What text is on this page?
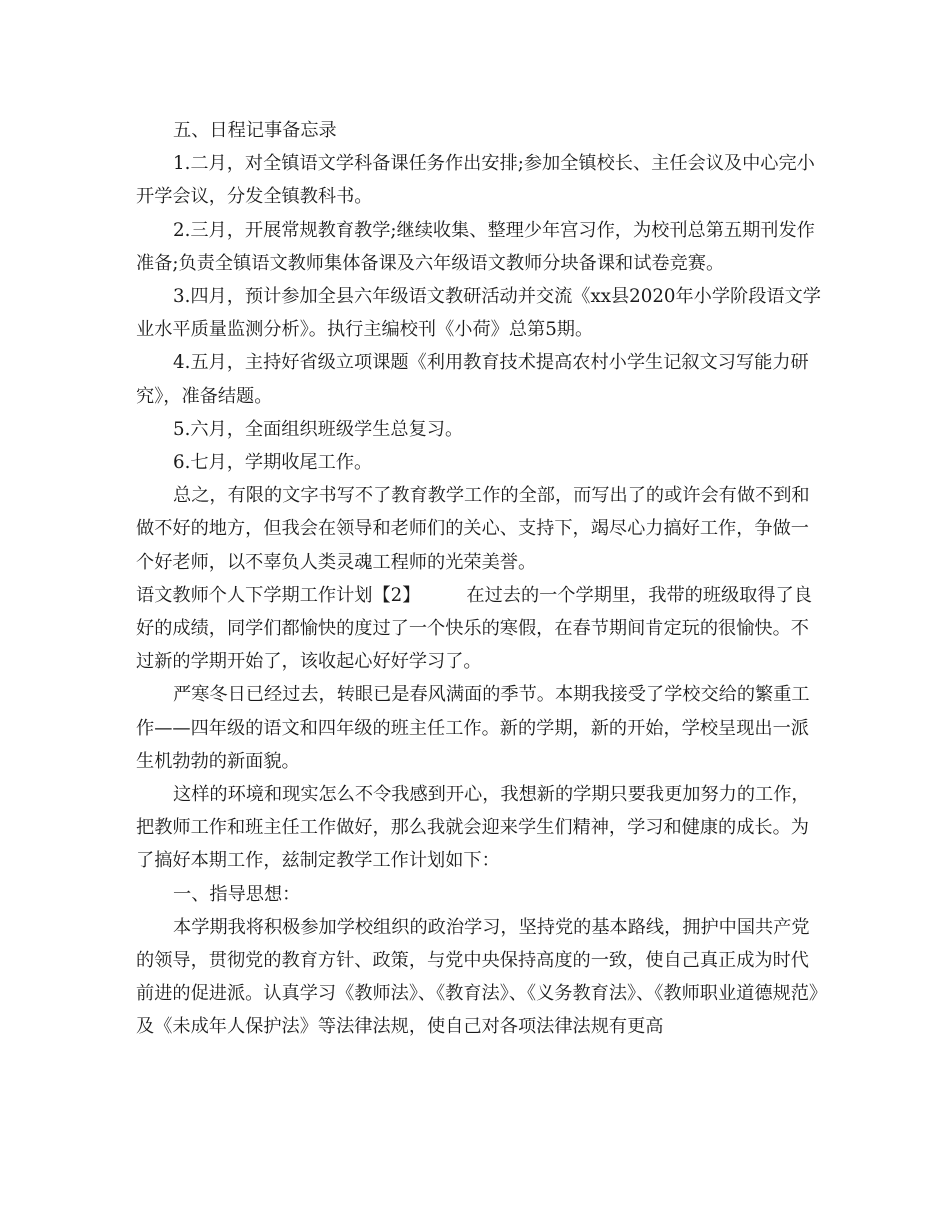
五、日程记事备忘录

1.二月，对全镇语文学科备课任务作出安排;参加全镇校长、主任会议及中心完小开学会议，分发全镇教科书。

2.三月，开展常规教育教学;继续收集、整理少年宫习作，为校刊总第五期刊发作准备;负责全镇语文教师集体备课及六年级语文教师分块备课和试卷竞赛。

3.四月，预计参加全县六年级语文教研活动并交流《xx县2020年小学阶段语文学业水平质量监测分析》。执行主编校刊《小荷》总第5期。

4.五月，主持好省级立项课题《利用教育技术提高农村小学生记叙文习写能力研究》，准备结题。

5.六月，全面组织班级学生总复习。

6.七月，学期收尾工作。

总之，有限的文字书写不了教育教学工作的全部，而写出了的或许会有做不到和做不好的地方，但我会在领导和老师们的关心、支持下，竭尽心力搞好工作，争做一个好老师，以不辜负人类灵魂工程师的光荣美誉。

语文教师个人下学期工作计划【2】	在过去的一个学期里，我带的班级取得了良好的成绩，同学们都愉快的度过了一个快乐的寒假，在春节期间肯定玩的很愉快。不过新的学期开始了，该收起心好好学习了。

严寒冬日已经过去，转眼已是春风满面的季节。本期我接受了学校交给的繁重工作——四年级的语文和四年级的班主任工作。新的学期，新的开始，学校呈现出一派生机勃勃的新面貌。

这样的环境和现实怎么不令我感到开心，我想新的学期只要我更加努力的工作，把教师工作和班主任工作做好，那么我就会迎来学生们精神，学习和健康的成长。为了搞好本期工作，兹制定教学工作计划如下：

一、指导思想：

本学期我将积极参加学校组织的政治学习，坚持党的基本路线，拥护中国共产党的领导，贯彻党的教育方针、政策，与党中央保持高度的一致，使自己真正成为时代前进的促进派。认真学习《教师法》、《教育法》、《义务教育法》、《教师职业道德规范》及《未成年人保护法》等法律法规，使自己对各项法律法规有更高
